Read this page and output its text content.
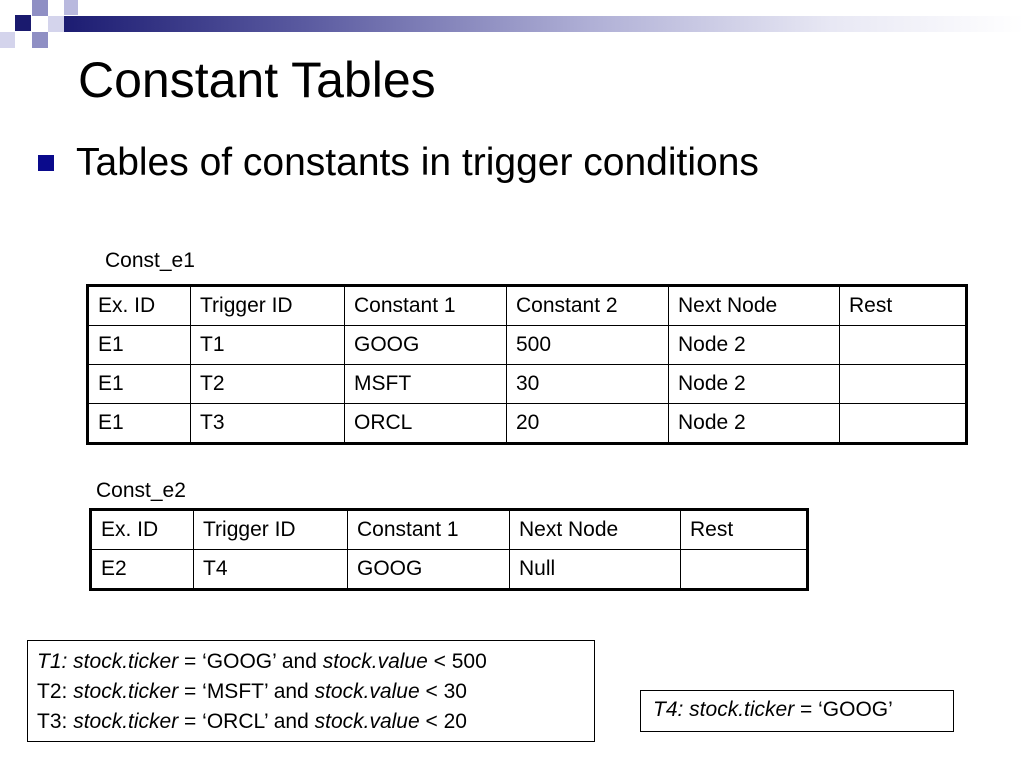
Constant Tables
Tables of constants in trigger conditions
Const_e1
Ex. ID	Trigger ID	Constant 1	Constant 2	Next Node	Rest
E1	T1	GOOG	500	Node 2	
E1	T2	MSFT	30	Node 2	
E1	T3	ORCL	20	Node 2	
Const_e2
Ex. ID	Trigger ID	Constant 1	Next Node	Rest
E2	T4	GOOG	Null	
T1: stock.ticker = ‘GOOG’ and stock.value < 500
T2: stock.ticker = ‘MSFT’ and stock.value < 30
T3: stock.ticker = ‘ORCL’ and stock.value < 20
T4: stock.ticker = ‘GOOG’
